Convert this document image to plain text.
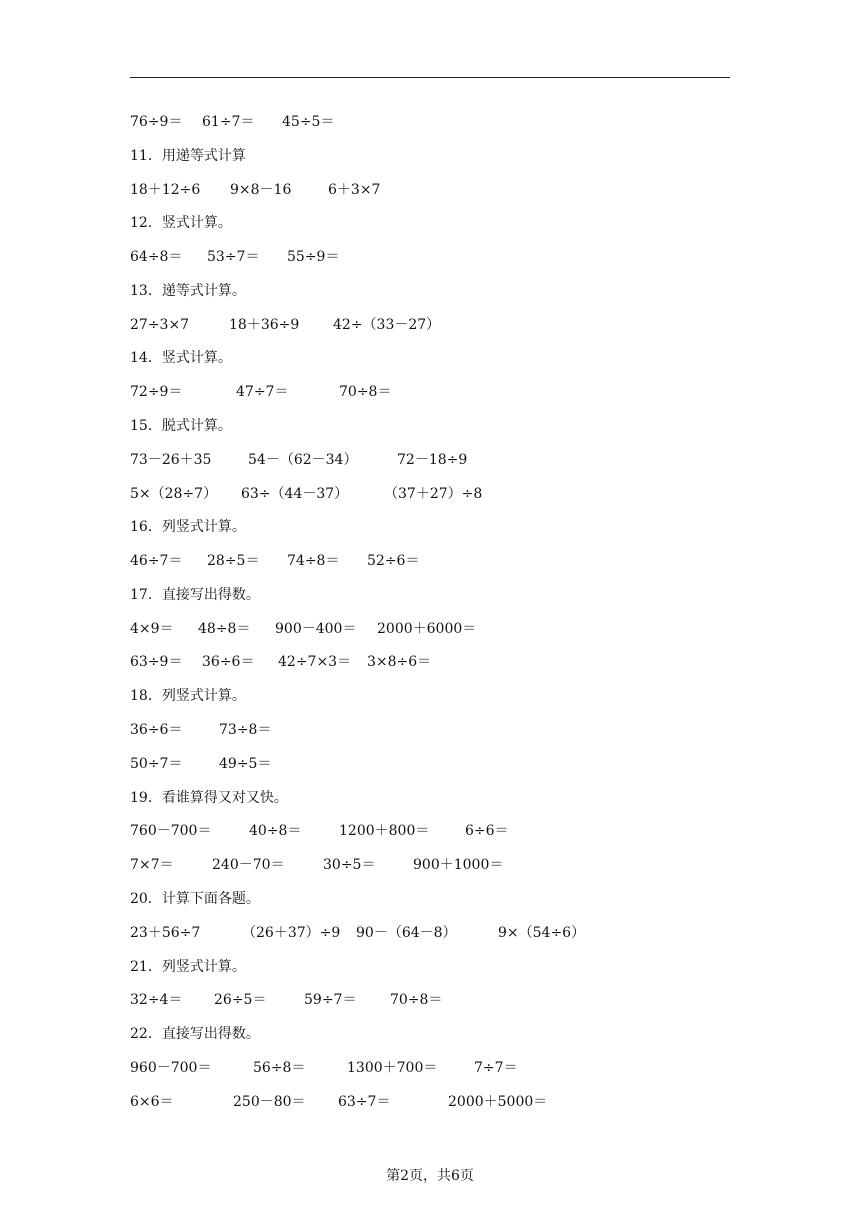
76÷9＝ 61÷7＝ 45÷5＝
11．用递等式计算
18＋12÷6 9×8－16	6＋3×7
12．竖式计算。
64÷8＝ 53÷7＝ 55÷9＝
13．递等式计算。
27÷3×7	18＋36÷9 42÷（33－27）
14．竖式计算。
72÷9＝	47÷7＝	70÷8＝
15．脱式计算。
73－26＋35	54－（62－34）	72－18÷9
5×（28÷7） 63÷（44－37）	（37＋27）÷8
16．列竖式计算。
46÷7＝ 28÷5＝ 74÷8＝ 52÷6＝
17．直接写出得数。
4×9＝ 48÷8＝ 900－400＝ 2000＋6000＝
63÷9＝ 36÷6＝ 42÷7×3＝ 3×8÷6＝
18．列竖式计算。
36÷6＝	73÷8＝
50÷7＝	49÷5＝
19．看谁算得又对又快。
760－700＝	40÷8＝	1200＋800＝	6÷6＝
7×7＝	240－70＝	30÷5＝	900＋1000＝
20．计算下面各题。
23＋56÷7	（26＋37）÷9 90－（64－8）	9×（54÷6）
21．列竖式计算。
32÷4＝ 26÷5＝	59÷7＝ 70÷8＝
22．直接写出得数。
960－700＝	56÷8＝	1300＋700＝	7÷7＝
6×6＝	250－80＝ 63÷7＝	2000＋5000＝
第2页，共6页
